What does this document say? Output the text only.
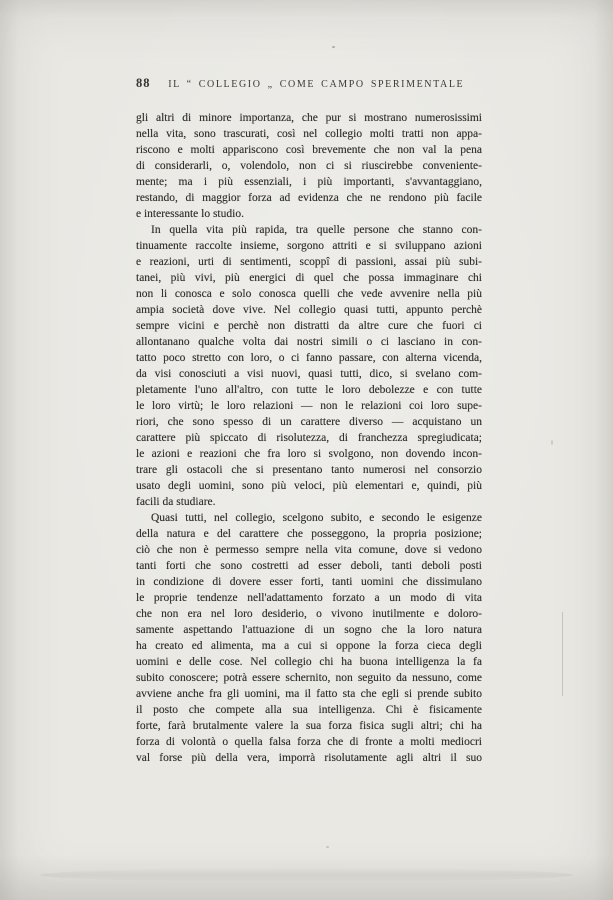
88	IL “ COLLEGIO „ COME CAMPO SPERIMENTALE
gli altri di minore importanza, che pur si mostrano numerosissimi
nella vita, sono trascurati, così nel collegio molti tratti non appa-
riscono e molti appariscono così brevemente che non val la pena
di considerarli, o, volendolo, non ci si riuscirebbe conveniente-
mente; ma i più essenziali, i più importanti, s'avvantaggiano,
restando, di maggior forza ad evidenza che ne rendono più facile
e interessante lo studio.
In quella vita più rapida, tra quelle persone che stanno con-
tinuamente raccolte insieme, sorgono attriti e si sviluppano azioni
e reazioni, urti di sentimenti, scoppî di passioni, assai più subi-
tanei, più vivi, più energici di quel che possa immaginare chi
non li conosca e solo conosca quelli che vede avvenire nella più
ampia società dove vive. Nel collegio quasi tutti, appunto perchè
sempre vicini e perchè non distratti da altre cure che fuori ci
allontanano qualche volta dai nostri simili o ci lasciano in con-
tatto poco stretto con loro, o ci fanno passare, con alterna vicenda,
da visi conosciuti a visi nuovi, quasi tutti, dico, si svelano com-
pletamente l'uno all'altro, con tutte le loro debolezze e con tutte
le loro virtù; le loro relazioni — non le relazioni coi loro supe-
riori, che sono spesso di un carattere diverso — acquistano un
carattere più spiccato di risolutezza, di franchezza spregiudicata;
le azioni e reazioni che fra loro si svolgono, non dovendo incon-
trare gli ostacoli che si presentano tanto numerosi nel consorzio
usato degli uomini, sono più veloci, più elementari e, quindi, più
facili da studiare.
Quasi tutti, nel collegio, scelgono subito, e secondo le esigenze
della natura e del carattere che posseggono, la propria posizione;
ciò che non è permesso sempre nella vita comune, dove si vedono
tanti forti che sono costretti ad esser deboli, tanti deboli posti
in condizione di dovere esser forti, tanti uomini che dissimulano
le proprie tendenze nell'adattamento forzato a un modo di vita
che non era nel loro desiderio, o vivono inutilmente e doloro-
samente aspettando l'attuazione di un sogno che la loro natura
ha creato ed alimenta, ma a cui si oppone la forza cieca degli
uomini e delle cose. Nel collegio chi ha buona intelligenza la fa
subito conoscere; potrà essere schernito, non seguito da nessuno, come
avviene anche fra gli uomini, ma il fatto sta che egli si prende subito
il posto che compete alla sua intelligenza. Chi è fisicamente
forte, farà brutalmente valere la sua forza fisica sugli altri; chi ha
forza di volontà o quella falsa forza che di fronte a molti mediocri
val forse più della vera, imporrà risolutamente agli altri il suo
